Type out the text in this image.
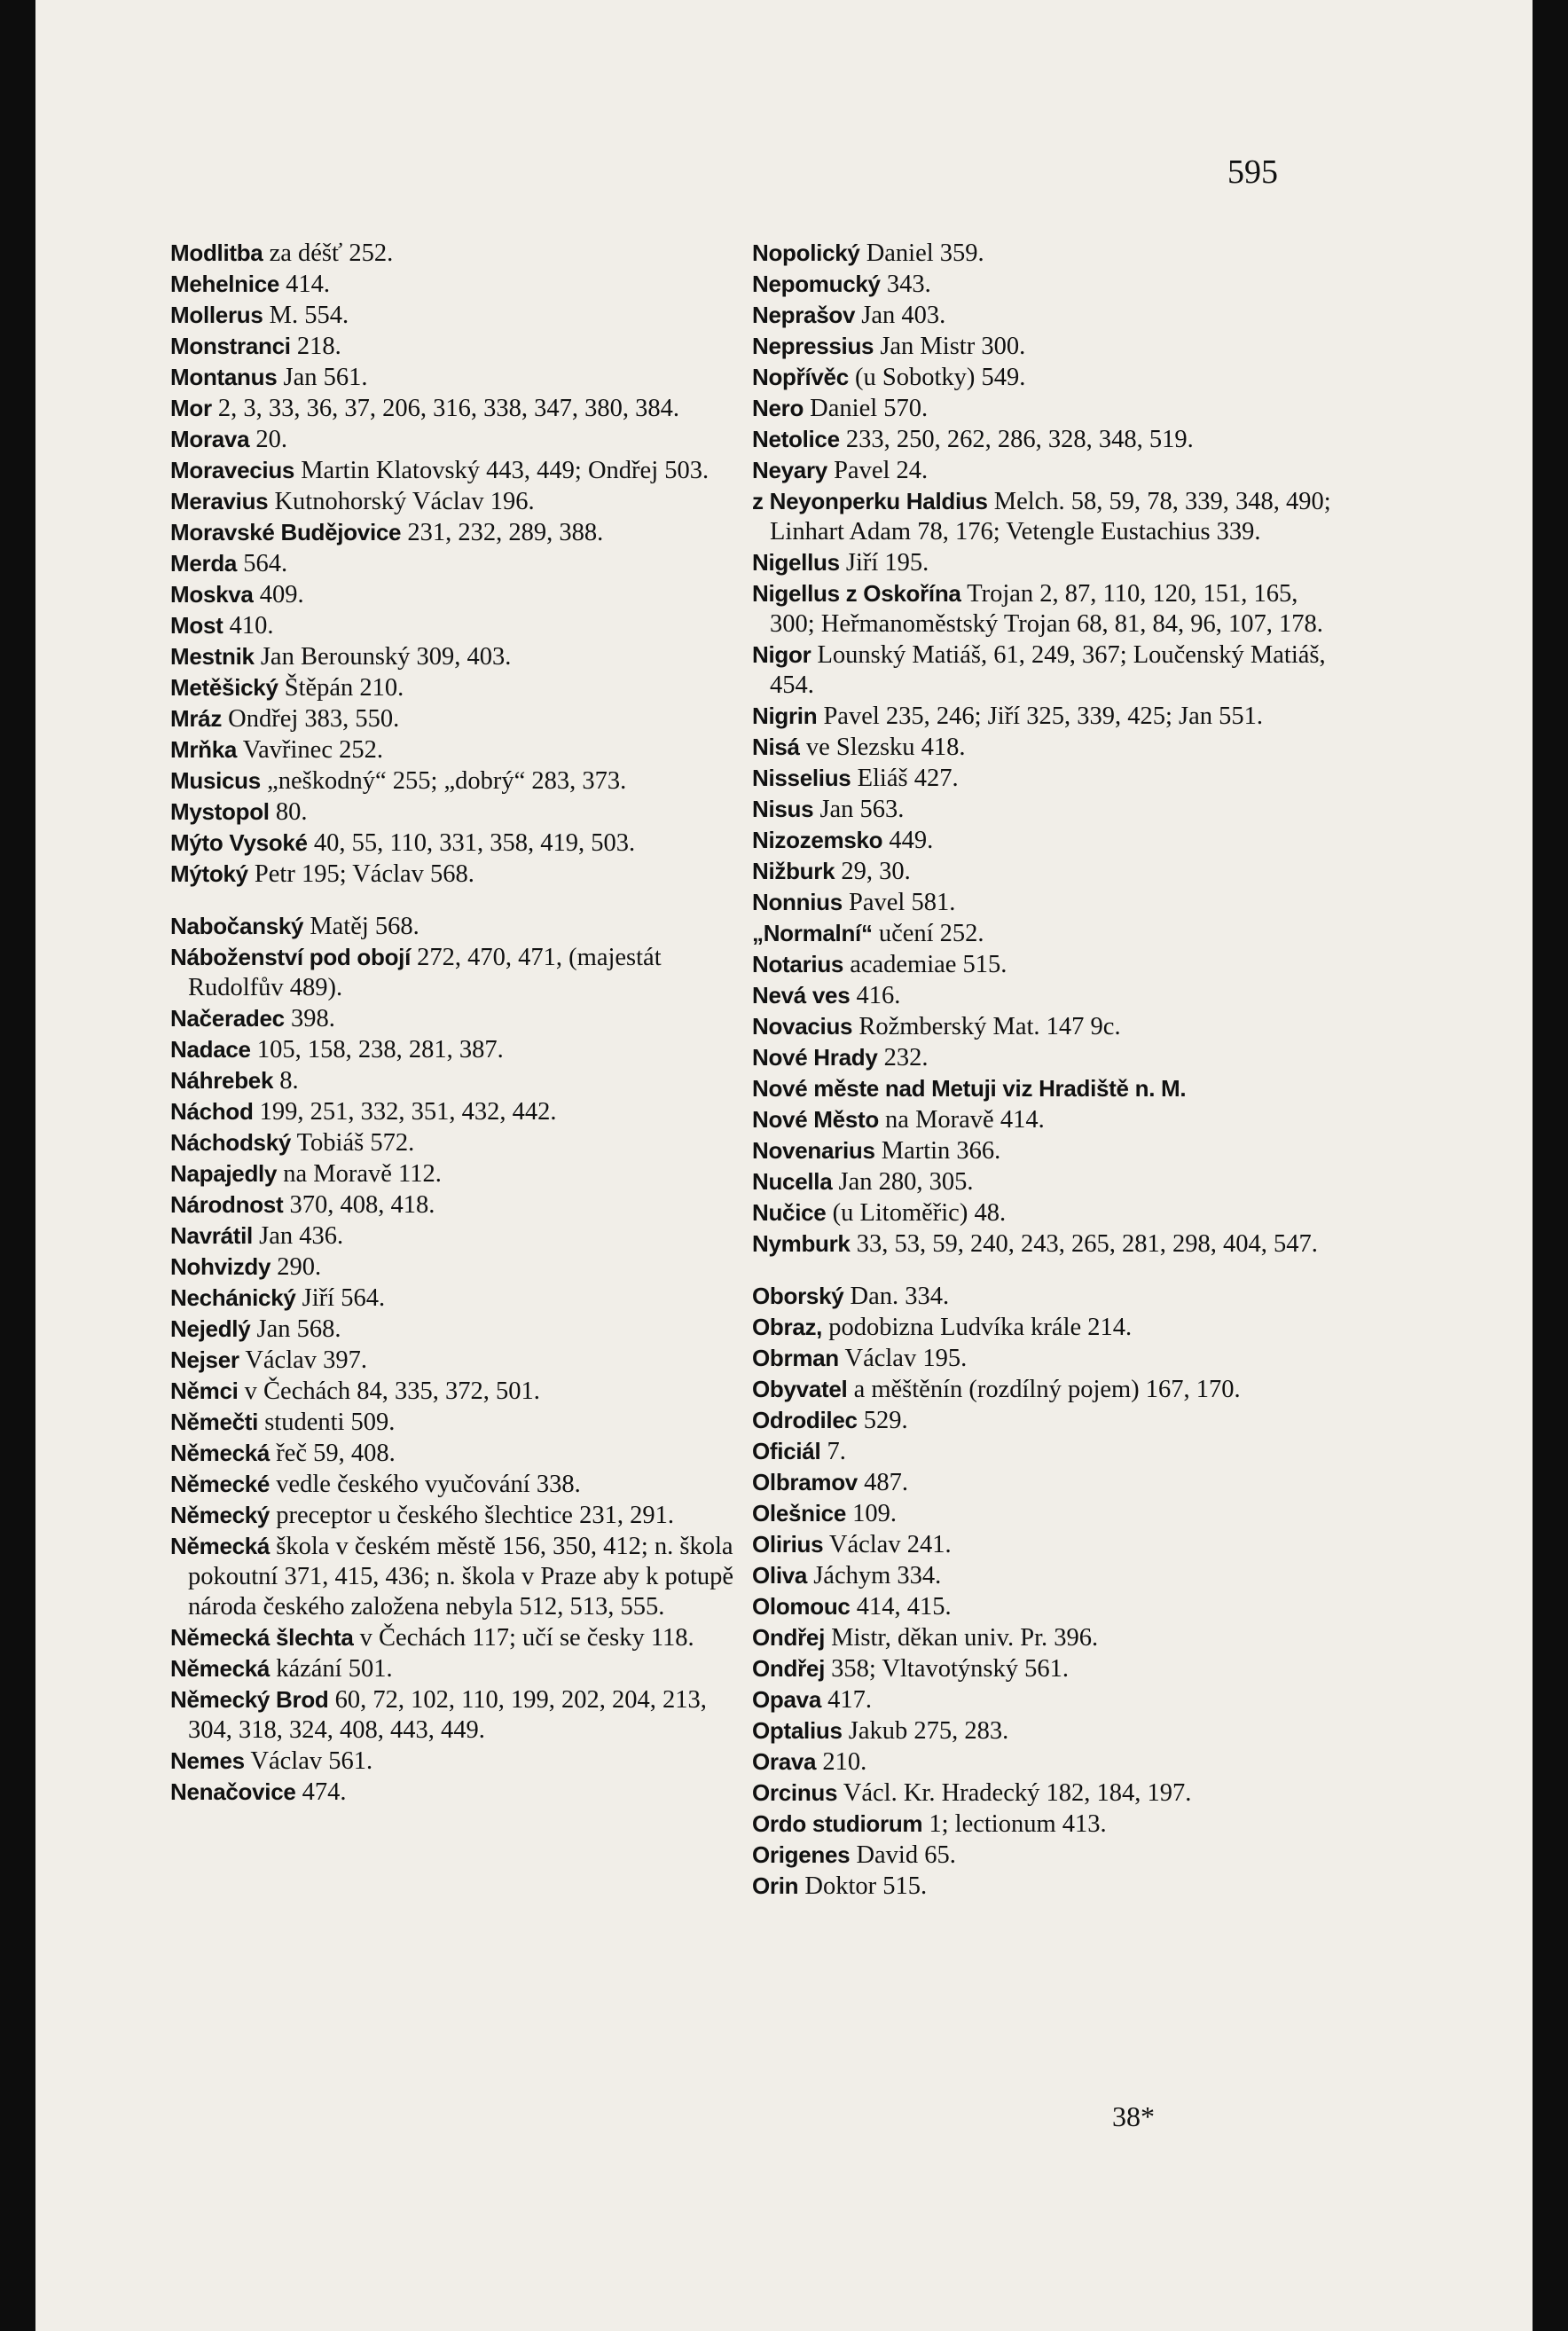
595
Modlitba za déšť 252.
Mehelnice 414.
Mollerus M. 554.
Monstranci 218.
Montanus Jan 561.
Mor 2, 3, 33, 36, 37, 206, 316, 338, 347, 380, 384.
Morava 20.
Moravecius Martin Klatovský 443, 449; Ondřej 503.
Meravius Kutnohorský Václav 196.
Moravské Budějovice 231, 232, 289, 388.
Merda 564.
Moskva 409.
Most 410.
Mestnik Jan Berounský 309, 403.
Metěšický Štěpán 210.
Mráz Ondřej 383, 550.
Mrňka Vavřinec 252.
Musicus „neškodný“ 255; „dobrý“ 283, 373.
Mystopol 80.
Mýto Vysoké 40, 55, 110, 331, 358, 419, 503.
Mýtoký Petr 195; Václav 568.
Nabočanský Matěj 568.
Náboženství pod obojí 272, 470, 471, (majestát Rudolfův 489).
Načeradec 398.
Nadace 105, 158, 238, 281, 387.
Náhrebek 8.
Náchod 199, 251, 332, 351, 432, 442.
Náchodský Tobiáš 572.
Napajedly na Moravě 112.
Národnost 370, 408, 418.
Navrátil Jan 436.
Nohvizdy 290.
Nechánický Jiří 564.
Nejedlý Jan 568.
Nejser Václav 397.
Němci v Čechách 84, 335, 372, 501.
Němečti studenti 509.
Německá řeč 59, 408.
Německé vedle českého vyučování 338.
Německý preceptor u českého šlechtice 231, 291.
Německá škola v českém městě 156, 350, 412; n. škola pokoutní 371, 415, 436; n. škola v Praze aby k potupě národa českého založena nebyla 512, 513, 555.
Německá šlechta v Čechách 117; učí se česky 118.
Německá kázání 501.
Německý Brod 60, 72, 102, 110, 199, 202, 204, 213, 304, 318, 324, 408, 443, 449.
Nemes Václav 561.
Nenačovice 474.
Nopolický Daniel 359.
Nepomucký 343.
Neprašov Jan 403.
Nepressius Jan Mistr 300.
Nopřívěc (u Sobotky) 549.
Nero Daniel 570.
Netolice 233, 250, 262, 286, 328, 348, 519.
Neyary Pavel 24.
z Neyonperku Haldius Melch. 58, 59, 78, 339, 348, 490; Linhart Adam 78, 176; Vetengle Eustachius 339.
Nigellus Jiří 195.
Nigellus z Oskořína Trojan 2, 87, 110, 120, 151, 165, 300; Heřmanoměstský Trojan 68, 81, 84, 96, 107, 178.
Nigor Lounský Matiáš, 61, 249, 367; Loučenský Matiáš, 454.
Nigrin Pavel 235, 246; Jiří 325, 339, 425; Jan 551.
Nisá ve Slezsku 418.
Nisselius Eliáš 427.
Nisus Jan 563.
Nizozemsko 449.
Nižburk 29, 30.
Nonnius Pavel 581.
„Normalní“ učení 252.
Notarius academiae 515.
Nevá ves 416.
Novacius Rožmberský Mat. 147 9c.
Nové Hrady 232.
Nové měste nad Metuji viz Hradiště n. M.
Nové Město na Moravě 414.
Novenarius Martin 366.
Nucella Jan 280, 305.
Nučice (u Litoměřic) 48.
Nymburk 33, 53, 59, 240, 243, 265, 281, 298, 404, 547.
Oborský Dan. 334.
Obraz, podobizna Ludvíka krále 214.
Obrman Václav 195.
Obyvatel a měštěnín (rozdílný pojem) 167, 170.
Odrodilec 529.
Oficiál 7.
Olbramov 487.
Olešnice 109.
Olirius Václav 241.
Oliva Jáchym 334.
Olomouc 414, 415.
Ondřej Mistr, děkan univ. Pr. 396.
Ondřej 358; Vltavotýnský 561.
Opava 417.
Optalius Jakub 275, 283.
Orava 210.
Orcinus Václ. Kr. Hradecký 182, 184, 197.
Ordo studiorum 1; lectionum 413.
Origenes David 65.
Orin Doktor 515.
38*
